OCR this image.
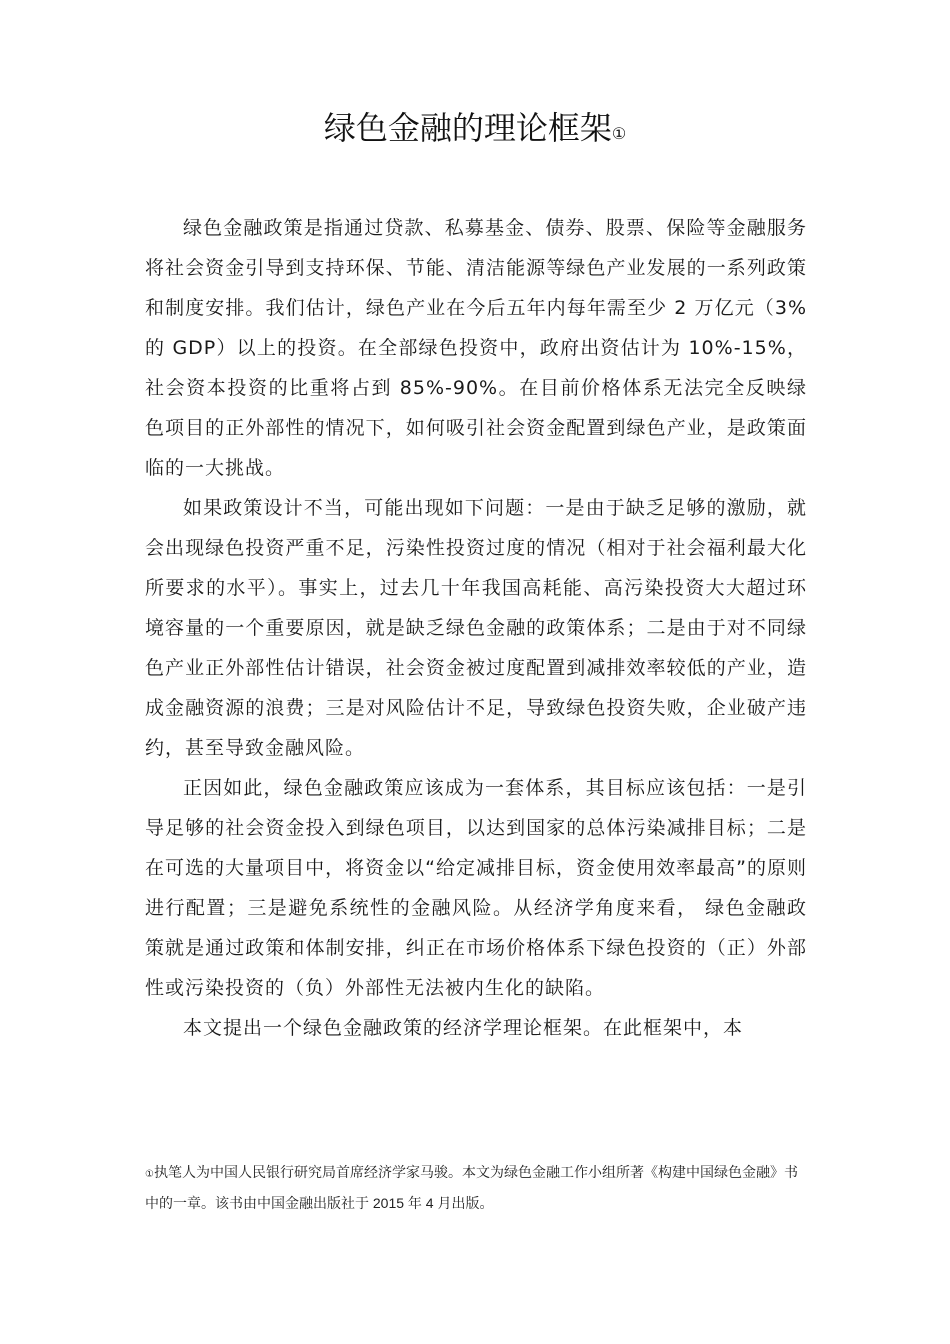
绿色金融的理论框架①

绿色金融政策是指通过贷款、私募基金、债券、股票、保险等金融服务将社会资金引导到支持环保、节能、清洁能源等绿色产业发展的一系列政策和制度安排。我们估计，绿色产业在今后五年内每年需至少 2 万亿元（3%的 GDP）以上的投资。在全部绿色投资中，政府出资估计为 10%-15%，社会资本投资的比重将占到 85%-90%。在目前价格体系无法完全反映绿色项目的正外部性的情况下，如何吸引社会资金配置到绿色产业，是政策面临的一大挑战。

如果政策设计不当，可能出现如下问题：一是由于缺乏足够的激励，就会出现绿色投资严重不足，污染性投资过度的情况（相对于社会福利最大化所要求的水平）。事实上，过去几十年我国高耗能、高污染投资大大超过环境容量的一个重要原因，就是缺乏绿色金融的政策体系；二是由于对不同绿色产业正外部性估计错误，社会资金被过度配置到减排效率较低的产业，造成金融资源的浪费；三是对风险估计不足，导致绿色投资失败，企业破产违约，甚至导致金融风险。

正因如此，绿色金融政策应该成为一套体系，其目标应该包括：一是引导足够的社会资金投入到绿色项目，以达到国家的总体污染减排目标；二是在可选的大量项目中，将资金以“给定减排目标，资金使用效率最高”的原则进行配置；三是避免系统性的金融风险。从经济学角度来看， 绿色金融政策就是通过政策和体制安排，纠正在市场价格体系下绿色投资的（正）外部性或污染投资的（负）外部性无法被内生化的缺陷。

本文提出一个绿色金融政策的经济学理论框架。在此框架中，本

①执笔人为中国人民银行研究局首席经济学家马骏。本文为绿色金融工作小组所著《构建中国绿色金融》书中的一章。该书由中国金融出版社于 2015 年 4 月出版。
